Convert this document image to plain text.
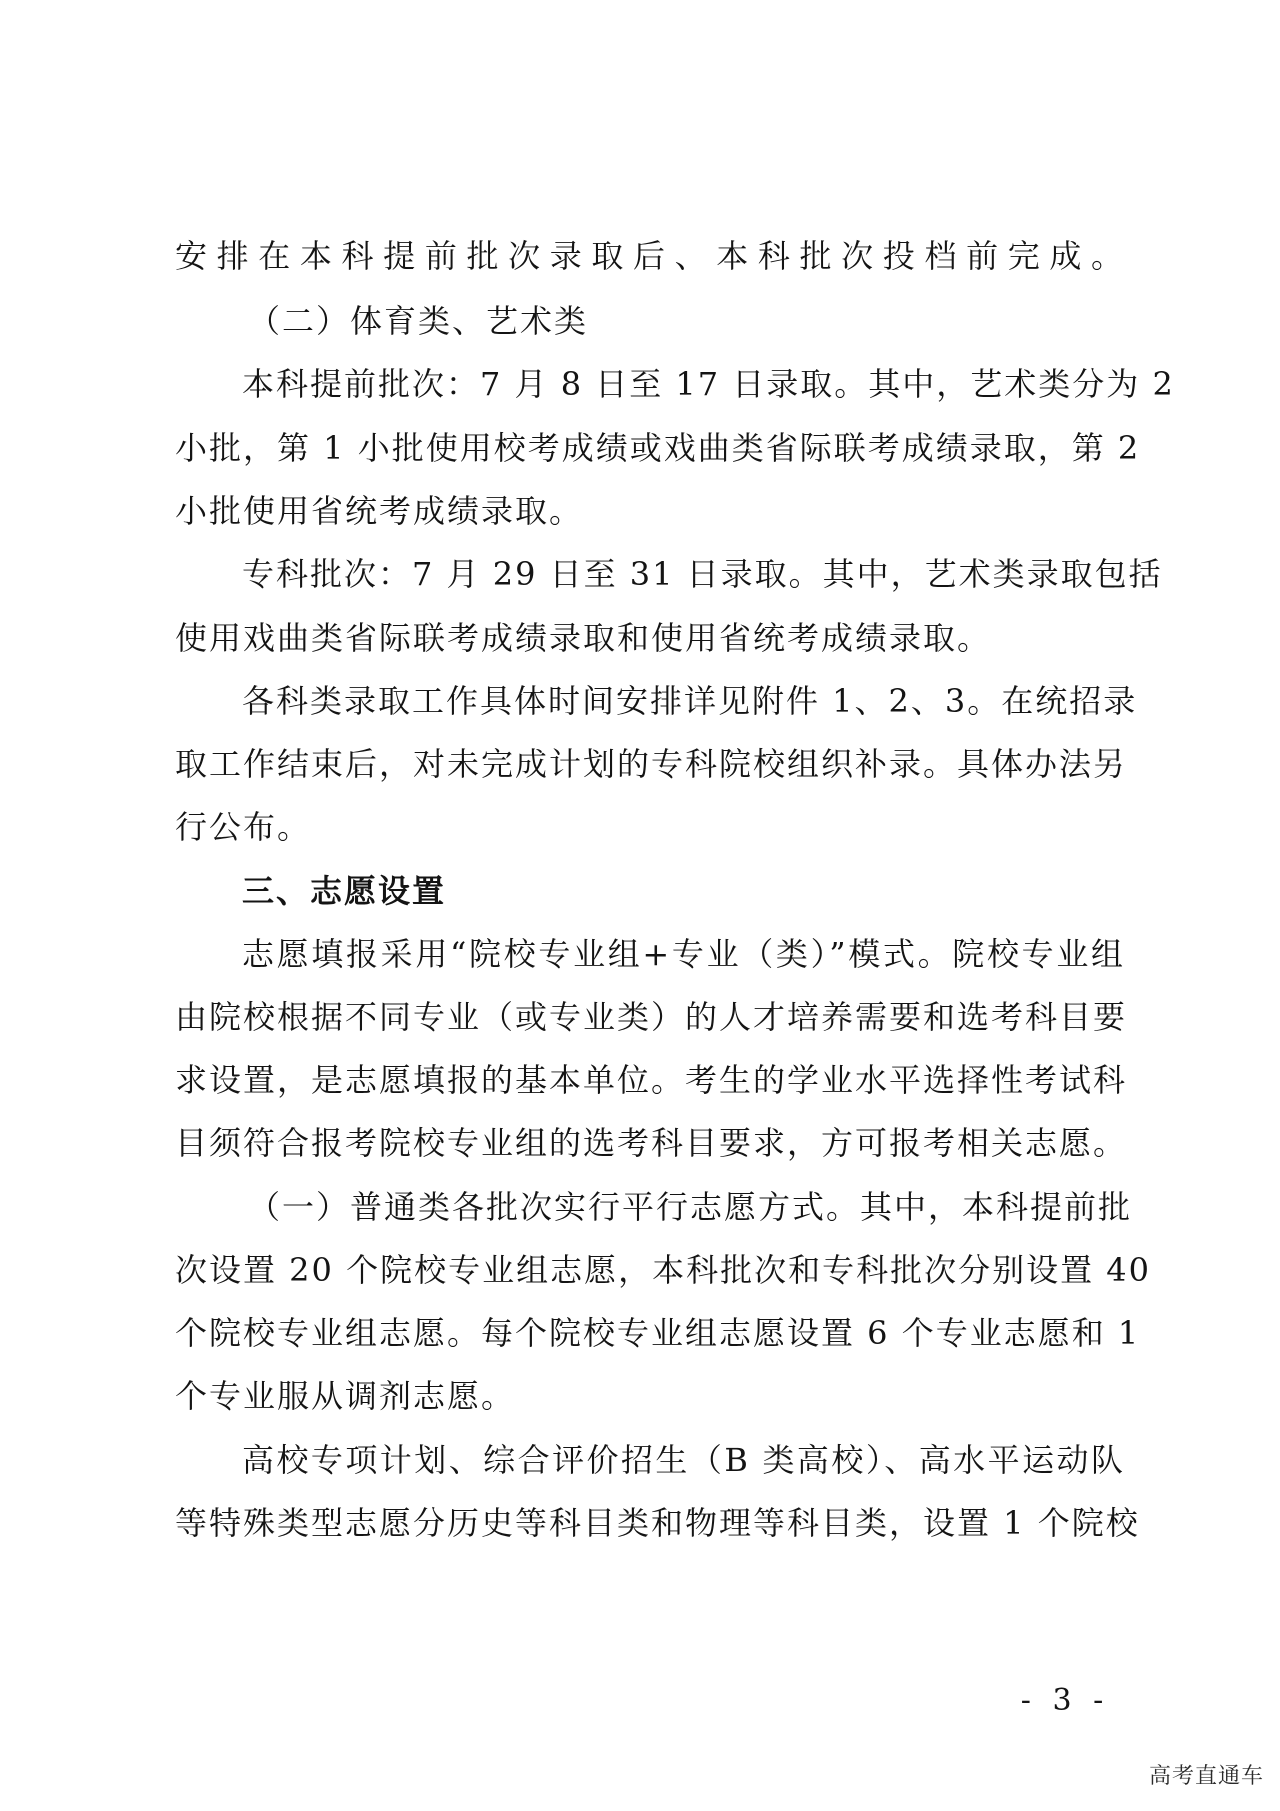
安排在本科提前批次录取后、本科批次投档前完成。
（二）体育类、艺术类
本科提前批次：7 月 8 日至 17 日录取。其中，艺术类分为 2
小批，第 1 小批使用校考成绩或戏曲类省际联考成绩录取，第 2
小批使用省统考成绩录取。
专科批次：7 月 29 日至 31 日录取。其中，艺术类录取包括
使用戏曲类省际联考成绩录取和使用省统考成绩录取。
各科类录取工作具体时间安排详见附件 1、2、3。在统招录
取工作结束后，对未完成计划的专科院校组织补录。具体办法另
行公布。
三、志愿设置
志愿填报采用“院校专业组+专业（类）”模式。院校专业组
由院校根据不同专业（或专业类）的人才培养需要和选考科目要
求设置，是志愿填报的基本单位。考生的学业水平选择性考试科
目须符合报考院校专业组的选考科目要求，方可报考相关志愿。
（一）普通类各批次实行平行志愿方式。其中，本科提前批
次设置 20 个院校专业组志愿，本科批次和专科批次分别设置 40
个院校专业组志愿。每个院校专业组志愿设置 6 个专业志愿和 1
个专业服从调剂志愿。
高校专项计划、综合评价招生（B 类高校）、高水平运动队
等特殊类型志愿分历史等科目类和物理等科目类，设置 1 个院校
- 3 -
高考直通车
